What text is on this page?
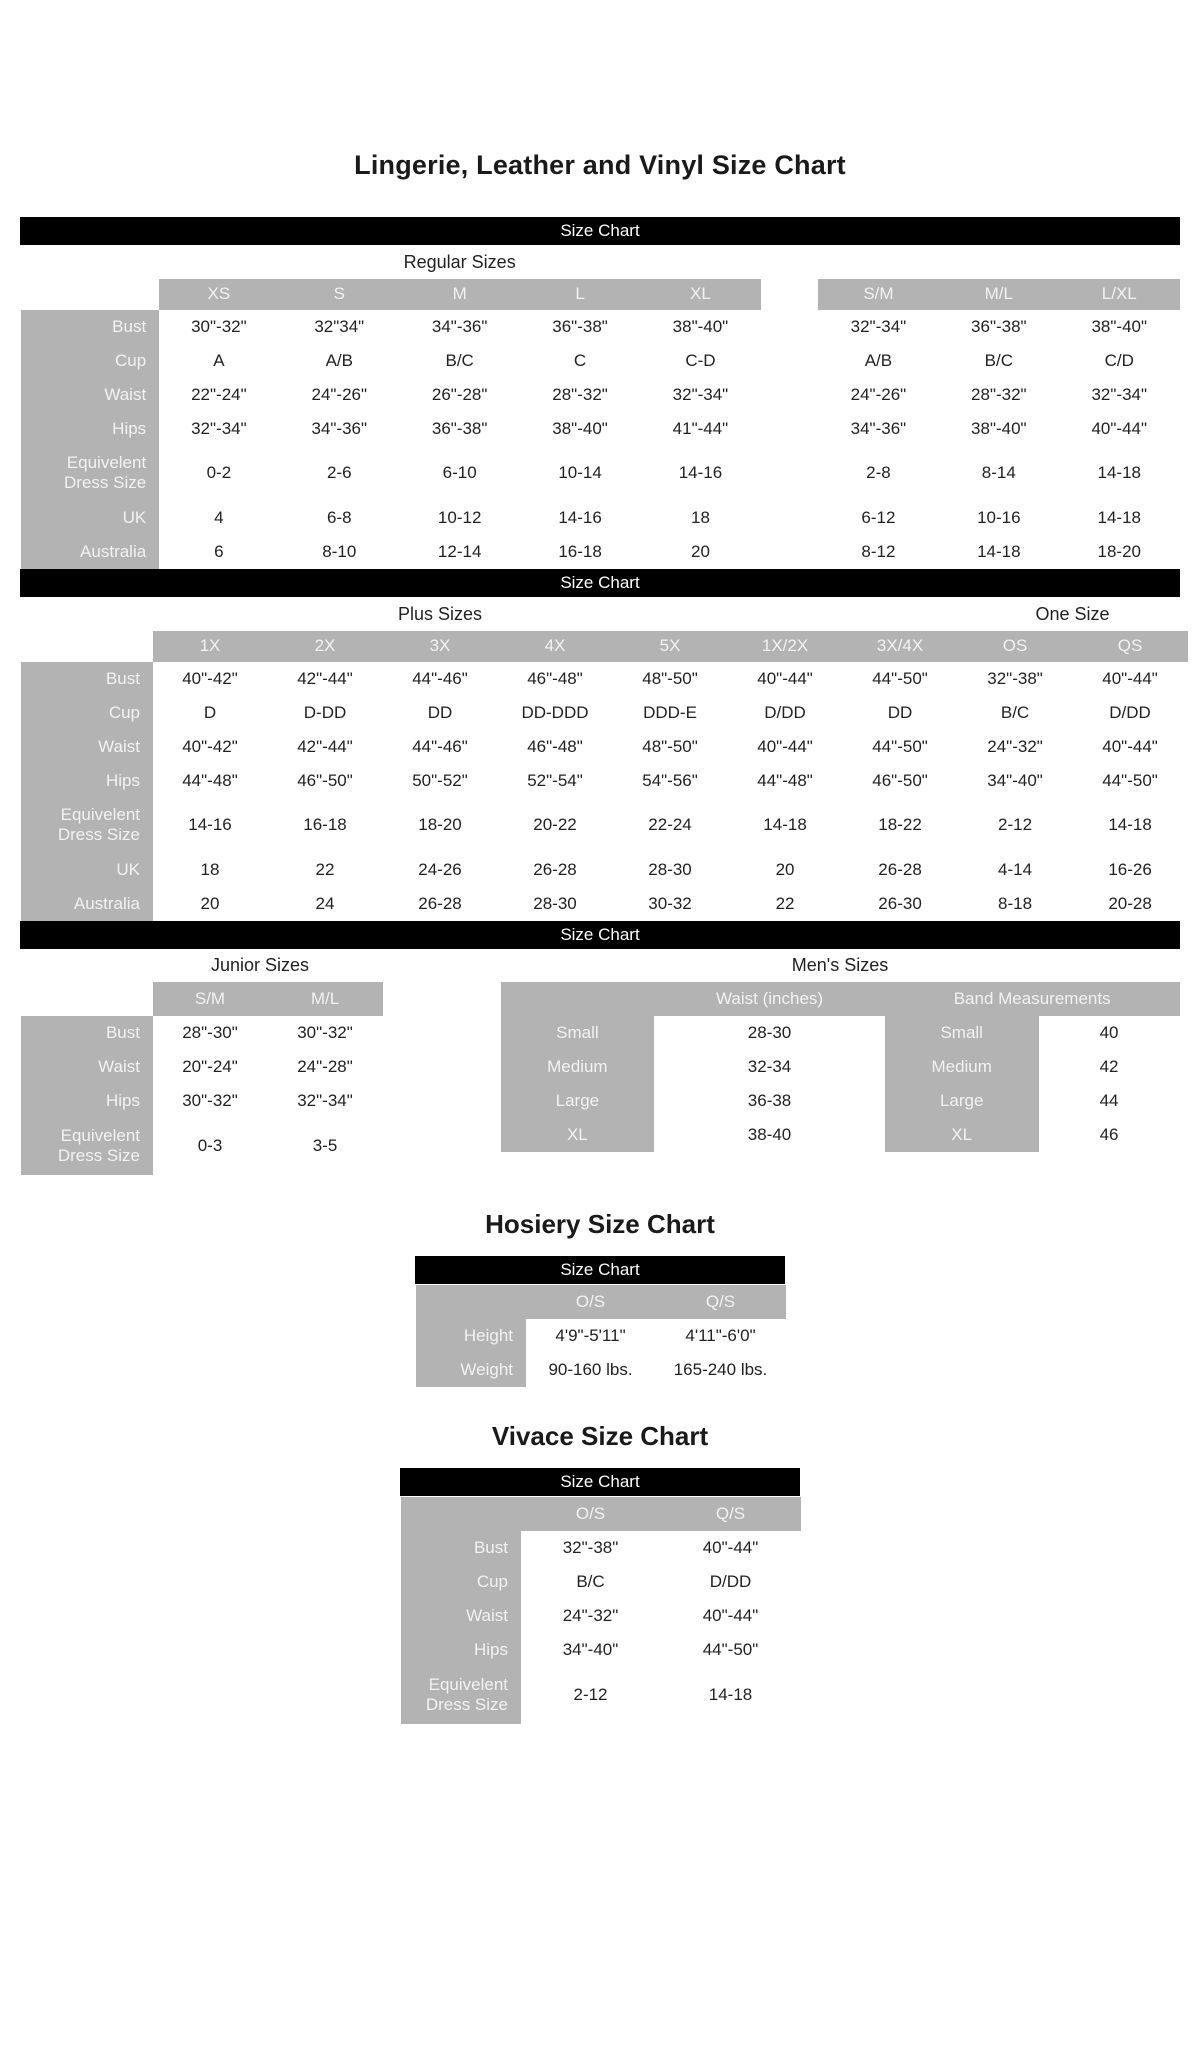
Lingerie, Leather and Vinyl Size Chart
Size Chart
	Regular Sizes								
	XS	S	M	L	XL		S/M	M/L	L/XL
Bust	30"-32"	32"34"	34"-36"	36"-38"	38"-40"		32"-34"	36"-38"	38"-40"
Cup	A	A/B	B/C	C	C-D		A/B	B/C	C/D
Waist	22"-24"	24"-26"	26"-28"	28"-32"	32"-34"		24"-26"	28"-32"	32"-34"
Hips	32"-34"	34"-36"	36"-38"	38"-40"	41"-44"		34"-36"	38"-40"	40"-44"
Equivelent Dress Size	0-2	2-6	6-10	10-14	14-16		2-8	8-14	14-18
UK	4	6-8	10-12	14-16	18		6-12	10-16	14-18
Australia	6	8-10	12-14	16-18	20		8-12	14-18	18-20
Size Chart
	Plus Sizes							One Size	
	1X	2X	3X	4X	5X	1X/2X	3X/4X	OS	QS
Bust	40"-42"	42"-44"	44"-46"	46"-48"	48"-50"	40"-44"	44"-50"	32"-38"	40"-44"
Cup	D	D-DD	DD	DD-DDD	DDD-E	D/DD	DD	B/C	D/DD
Waist	40"-42"	42"-44"	44"-46"	46"-48"	48"-50"	40"-44"	44"-50"	24"-32"	40"-44"
Hips	44"-48"	46"-50"	50"-52"	52"-54"	54"-56"	44"-48"	46"-50"	34"-40"	44"-50"
Equivelent Dress Size	14-16	16-18	18-20	20-22	22-24	14-18	18-22	2-12	14-18
UK	18	22	24-26	26-28	28-30	20	26-28	4-14	16-26
Australia	20	24	26-28	28-30	30-32	22	26-30	8-18	20-28
Size Chart
Junior Sizes
	S/M	M/L	
Bust	28"-30"	30"-32"	
Waist	20"-24"	24"-28"	
Hips	30"-32"	32"-34"	
Equivelent Dress Size	0-3	3-5	
Men's Sizes
	Waist (inches)	Band Measurements	
Small	28-30	Small	40
Medium	32-34	Medium	42
Large	36-38	Large	44
XL	38-40	XL	46
Hosiery Size Chart
Size Chart
	O/S	Q/S
Height	4'9"-5'11"	4'11"-6'0"
Weight	90-160 lbs.	165-240 lbs.
Vivace Size Chart
Size Chart
	O/S	Q/S
Bust	32"-38"	40"-44"
Cup	B/C	D/DD
Waist	24"-32"	40"-44"
Hips	34"-40"	44"-50"
Equivelent Dress Size	2-12	14-18
